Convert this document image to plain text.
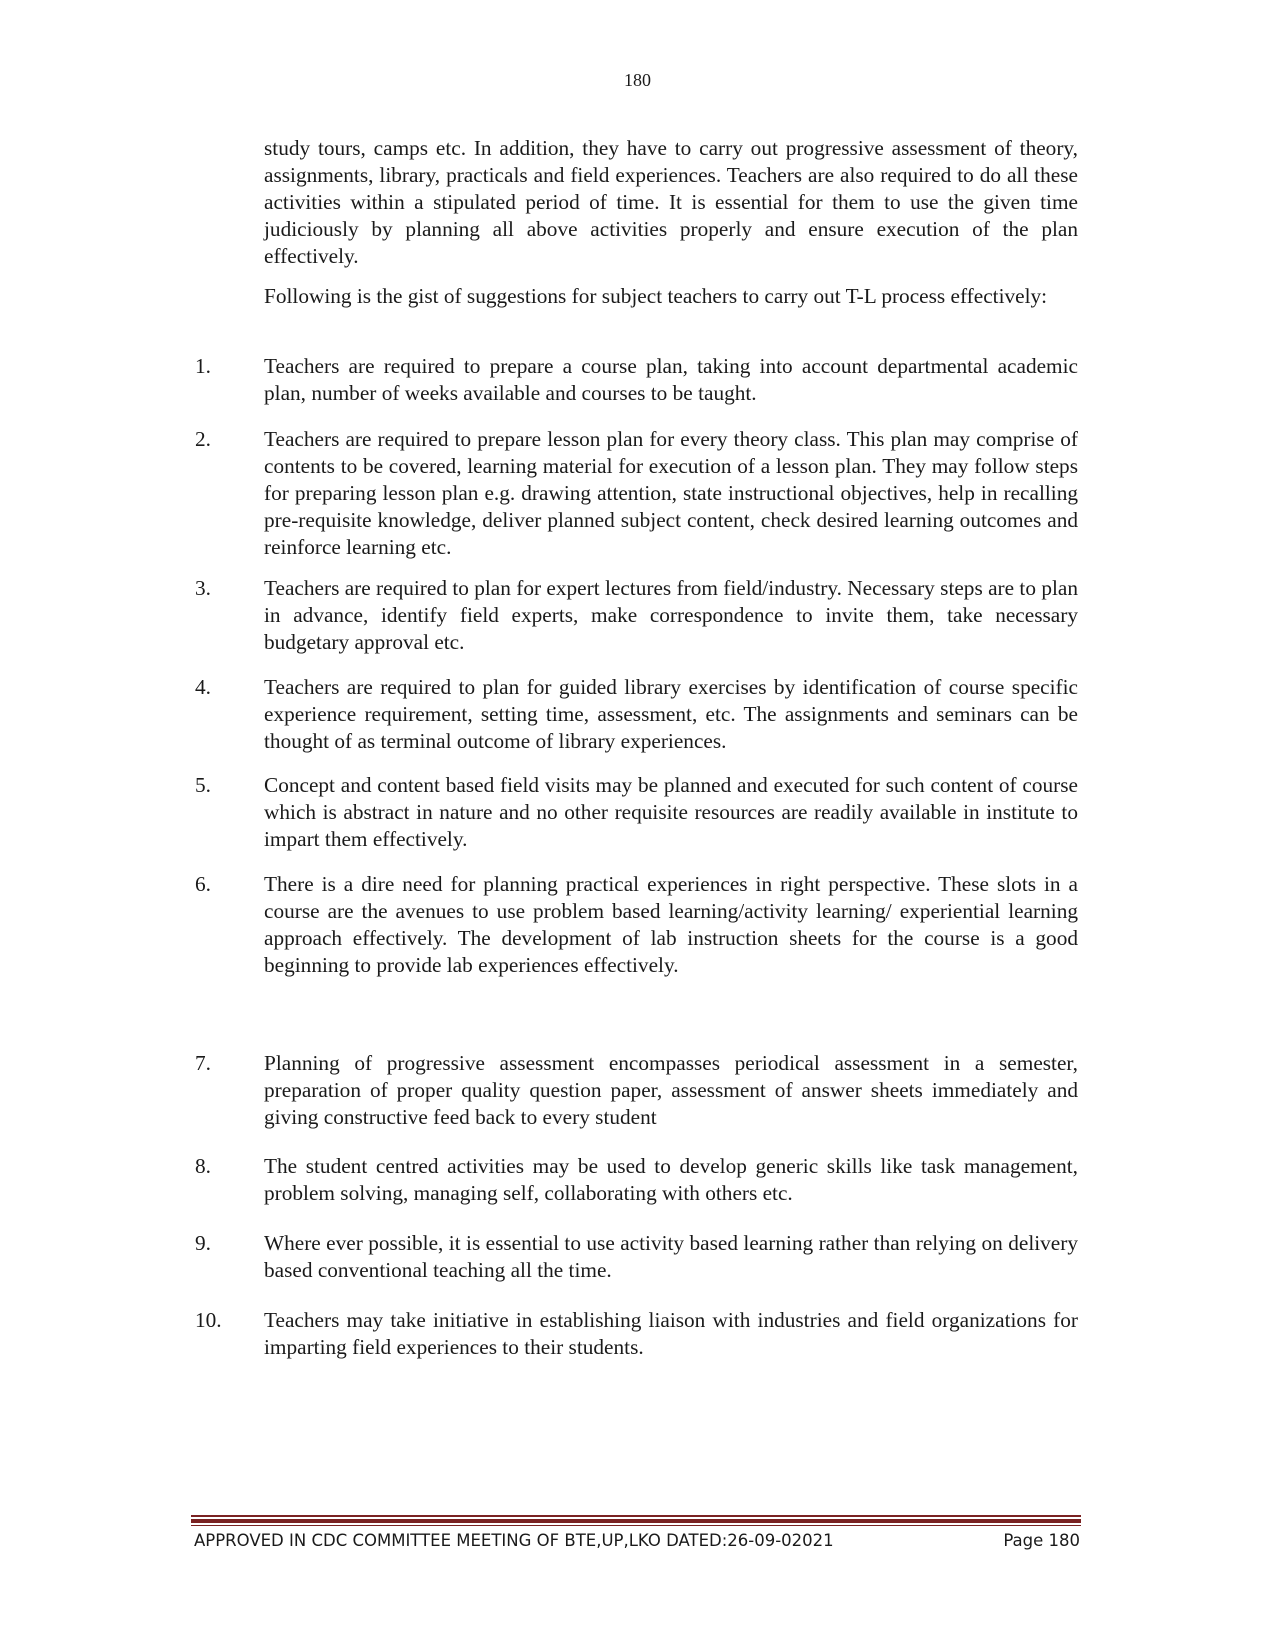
180

study tours, camps etc. In addition, they have to carry out progressive assessment of theory, assignments, library, practicals and field experiences. Teachers are also required to do all these activities within a stipulated period of time. It is essential for them to use the given time judiciously by planning all above activities properly and ensure execution of the plan effectively.

Following is the gist of suggestions for subject teachers to carry out T-L process effectively:

1. Teachers are required to prepare a course plan, taking into account departmental academic plan, number of weeks available and courses to be taught.

2. Teachers are required to prepare lesson plan for every theory class. This plan may comprise of contents to be covered, learning material for execution of a lesson plan. They may follow steps for preparing lesson plan e.g. drawing attention, state instructional objectives, help in recalling pre-requisite knowledge, deliver planned subject content, check desired learning outcomes and reinforce learning etc.

3. Teachers are required to plan for expert lectures from field/industry. Necessary steps are to plan in advance, identify field experts, make correspondence to invite them, take necessary budgetary approval etc.

4. Teachers are required to plan for guided library exercises by identification of course specific experience requirement, setting time, assessment, etc. The assignments and seminars can be thought of as terminal outcome of library experiences.

5. Concept and content based field visits may be planned and executed for such content of course which is abstract in nature and no other requisite resources are readily available in institute to impart them effectively.

6. There is a dire need for planning practical experiences in right perspective. These slots in a course are the avenues to use problem based learning/activity learning/ experiential learning approach effectively. The development of lab instruction sheets for the course is a good beginning to provide lab experiences effectively.

7. Planning of progressive assessment encompasses periodical assessment in a semester, preparation of proper quality question paper, assessment of answer sheets immediately and giving constructive feed back to every student

8. The student centred activities may be used to develop generic skills like task management, problem solving, managing self, collaborating with others etc.

9. Where ever possible, it is essential to use activity based learning rather than relying on delivery based conventional teaching all the time.

10. Teachers may take initiative in establishing liaison with industries and field organizations for imparting field experiences to their students.

APPROVED IN CDC COMMITTEE MEETING OF BTE,UP,LKO DATED:26-09-02021	Page 180
